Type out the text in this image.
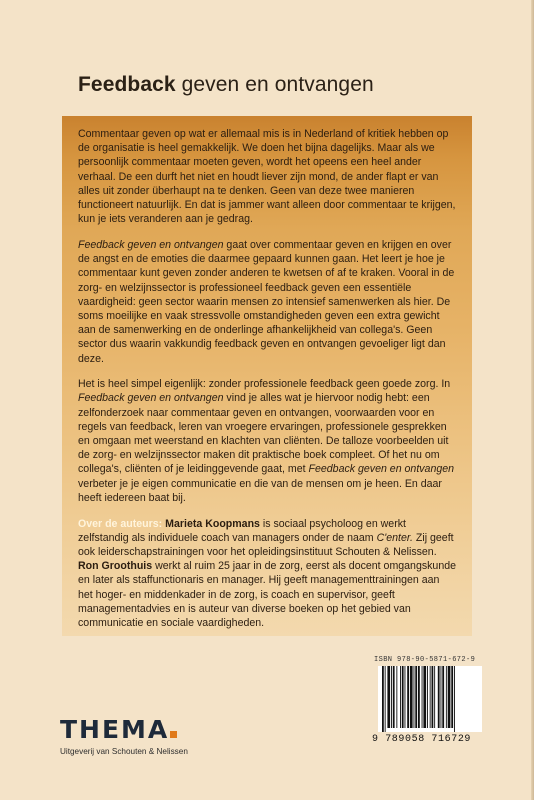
Feedback geven en ontvangen

Commentaar geven op wat er allemaal mis is in Nederland of kritiek hebben op de organisatie is heel gemakkelijk. We doen het bijna dagelijks. Maar als we persoonlijk commentaar moeten geven, wordt het opeens een heel ander verhaal. De een durft het niet en houdt liever zijn mond, de ander flapt er van alles uit zonder überhaupt na te denken. Geen van deze twee manieren functioneert natuurlijk. En dat is jammer want alleen door commentaar te krijgen, kun je iets veranderen aan je gedrag.

Feedback geven en ontvangen gaat over commentaar geven en krijgen en over de angst en de emoties die daarmee gepaard kunnen gaan. Het leert je hoe je commentaar kunt geven zonder anderen te kwetsen of af te kraken. Vooral in de zorg- en welzijnssector is professioneel feedback geven een essentiële vaardigheid: geen sector waarin mensen zo intensief samenwerken als hier. De soms moeilijke en vaak stressvolle omstandigheden geven een extra gewicht aan de samenwerking en de onderlinge afhankelijkheid van collega's. Geen sector dus waarin vakkundig feedback geven en ontvangen gevoeliger ligt dan deze.

Het is heel simpel eigenlijk: zonder professionele feedback geen goede zorg. In Feedback geven en ontvangen vind je alles wat je hiervoor nodig hebt: een zelfonderzoek naar commentaar geven en ontvangen, voorwaarden voor en regels van feedback, leren van vroegere ervaringen, professionele gesprekken en omgaan met weerstand en klachten van cliënten. De talloze voorbeelden uit de zorg- en welzijnssector maken dit praktische boek compleet. Of het nu om collega's, cliënten of je leidinggevende gaat, met Feedback geven en ontvangen verbeter je je eigen communicatie en die van de mensen om je heen. En daar heeft iedereen baat bij.

Over de auteurs: Marieta Koopmans is sociaal psycholoog en werkt zelfstandig als individuele coach van managers onder de naam C'enter. Zij geeft ook leiderschapstrainingen voor het opleidingsinstituut Schouten & Nelissen. Ron Groothuis werkt al ruim 25 jaar in de zorg, eerst als docent omgangskunde en later als staffunctionaris en manager. Hij geeft managementtrainingen aan het hoger- en middenkader in de zorg, is coach en supervisor, geeft managementadvies en is auteur van diverse boeken op het gebied van communicatie en sociale vaardigheden.

ISBN 978-90-5871-672-9
9 789058 716729
THEMA
Uitgeverij van Schouten & Nelissen
